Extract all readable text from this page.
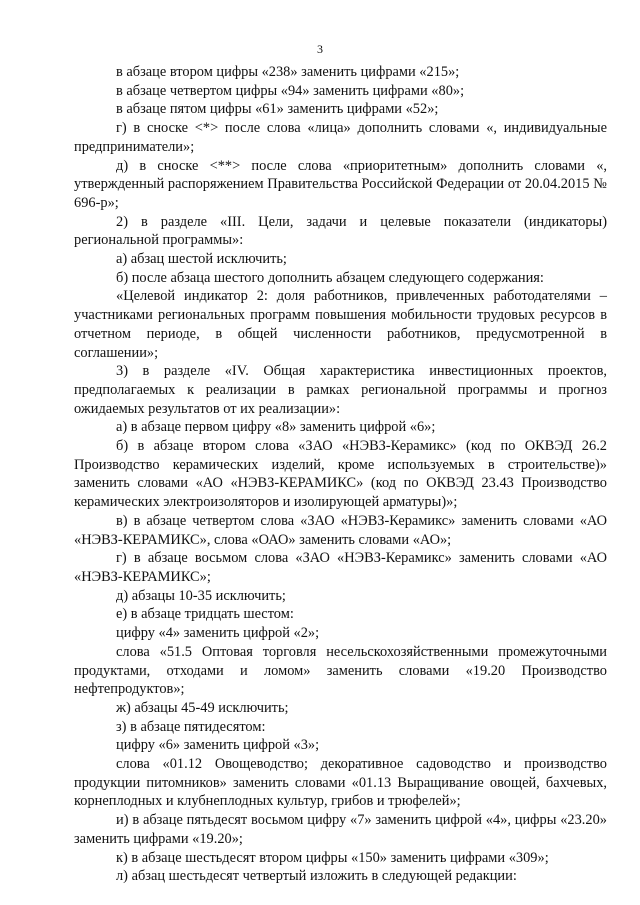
3

в абзаце втором цифры «238» заменить цифрами «215»;

в абзаце четвертом цифры «94» заменить цифрами «80»;

в абзаце пятом цифры «61» заменить цифрами «52»;

г) в сноске <*> после слова «лица» дополнить словами «, индивидуальные предприниматели»;

д) в сноске <**> после слова «приоритетным» дополнить словами «, утвержденный распоряжением Правительства Российской Федерации от 20.04.2015 № 696-р»;

2) в разделе «III. Цели, задачи и целевые показатели (индикаторы) региональной программы»:

а) абзац шестой исключить;

б) после абзаца шестого дополнить абзацем следующего содержания:

«Целевой индикатор 2: доля работников, привлеченных работодателями – участниками региональных программ повышения мобильности трудовых ресурсов в отчетном периоде, в общей численности работников, предусмотренной в соглашении»;

3) в разделе «IV. Общая характеристика инвестиционных проектов, предполагаемых к реализации в рамках региональной программы и прогноз ожидаемых результатов от их реализации»:

а) в абзаце первом цифру «8» заменить цифрой «6»;

б) в абзаце втором слова «ЗАО «НЭВЗ-Керамикс» (код по ОКВЭД 26.2 Производство керамических изделий, кроме используемых в строительстве)» заменить словами «АО «НЭВЗ-КЕРАМИКС» (код по ОКВЭД 23.43 Производство керамических электроизоляторов и изолирующей арматуры)»;

в) в абзаце четвертом слова «ЗАО «НЭВЗ-Керамикс» заменить словами «АО «НЭВЗ-КЕРАМИКС», слова «ОАО» заменить словами «АО»;

г) в абзаце восьмом слова «ЗАО «НЭВЗ-Керамикс» заменить словами «АО «НЭВЗ-КЕРАМИКС»;

д) абзацы 10-35 исключить;

е) в абзаце тридцать шестом:

цифру «4» заменить цифрой «2»;

слова «51.5 Оптовая торговля несельскохозяйственными промежуточными продуктами, отходами и ломом» заменить словами «19.20 Производство нефтепродуктов»;

ж) абзацы 45-49 исключить;

з) в абзаце пятидесятом:

цифру «6» заменить цифрой «3»;

слова «01.12 Овощеводство; декоративное садоводство и производство продукции питомников» заменить словами «01.13 Выращивание овощей, бахчевых, корнеплодных и клубнеплодных культур, грибов и трюфелей»;

и) в абзаце пятьдесят восьмом цифру «7» заменить цифрой «4», цифры «23.20» заменить цифрами «19.20»;

к) в абзаце шестьдесят втором цифры «150» заменить цифрами «309»;

л) абзац шестьдесят четвертый изложить в следующей редакции:
